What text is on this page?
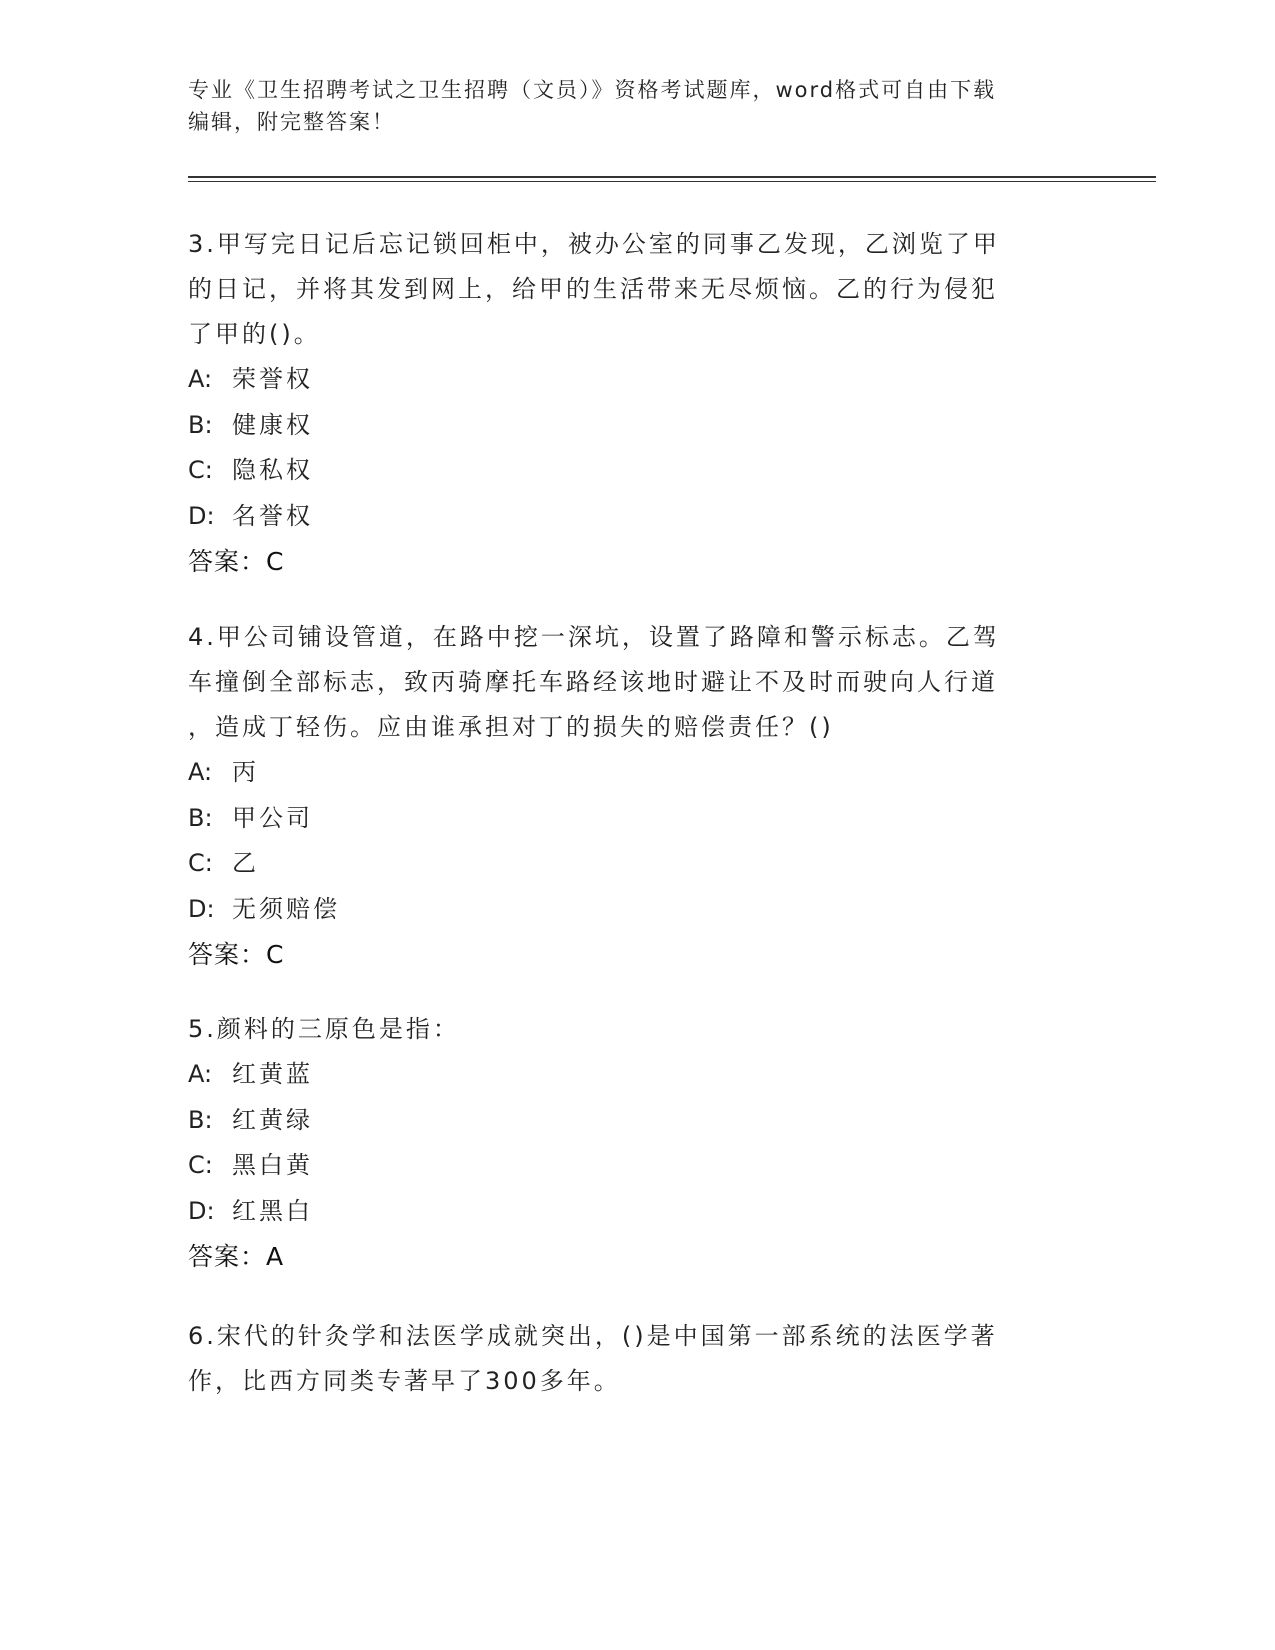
专业《卫生招聘考试之卫生招聘（文员）》资格考试题库，word格式可自由下载
编辑，附完整答案！
3.甲写完日记后忘记锁回柜中，被办公室的同事乙发现，乙浏览了甲
的日记，并将其发到网上，给甲的生活带来无尽烦恼。乙的行为侵犯
了甲的()。
A: 荣誉权
B: 健康权
C: 隐私权
D: 名誉权
答案：C
4.甲公司铺设管道，在路中挖一深坑，设置了路障和警示标志。乙驾
车撞倒全部标志，致丙骑摩托车路经该地时避让不及时而驶向人行道
，造成丁轻伤。应由谁承担对丁的损失的赔偿责任？()
A: 丙
B: 甲公司
C: 乙
D: 无须赔偿
答案：C
5.颜料的三原色是指：
A: 红黄蓝
B: 红黄绿
C: 黑白黄
D: 红黑白
答案：A
6.宋代的针灸学和法医学成就突出，()是中国第一部系统的法医学著
作，比西方同类专著早了300多年。
